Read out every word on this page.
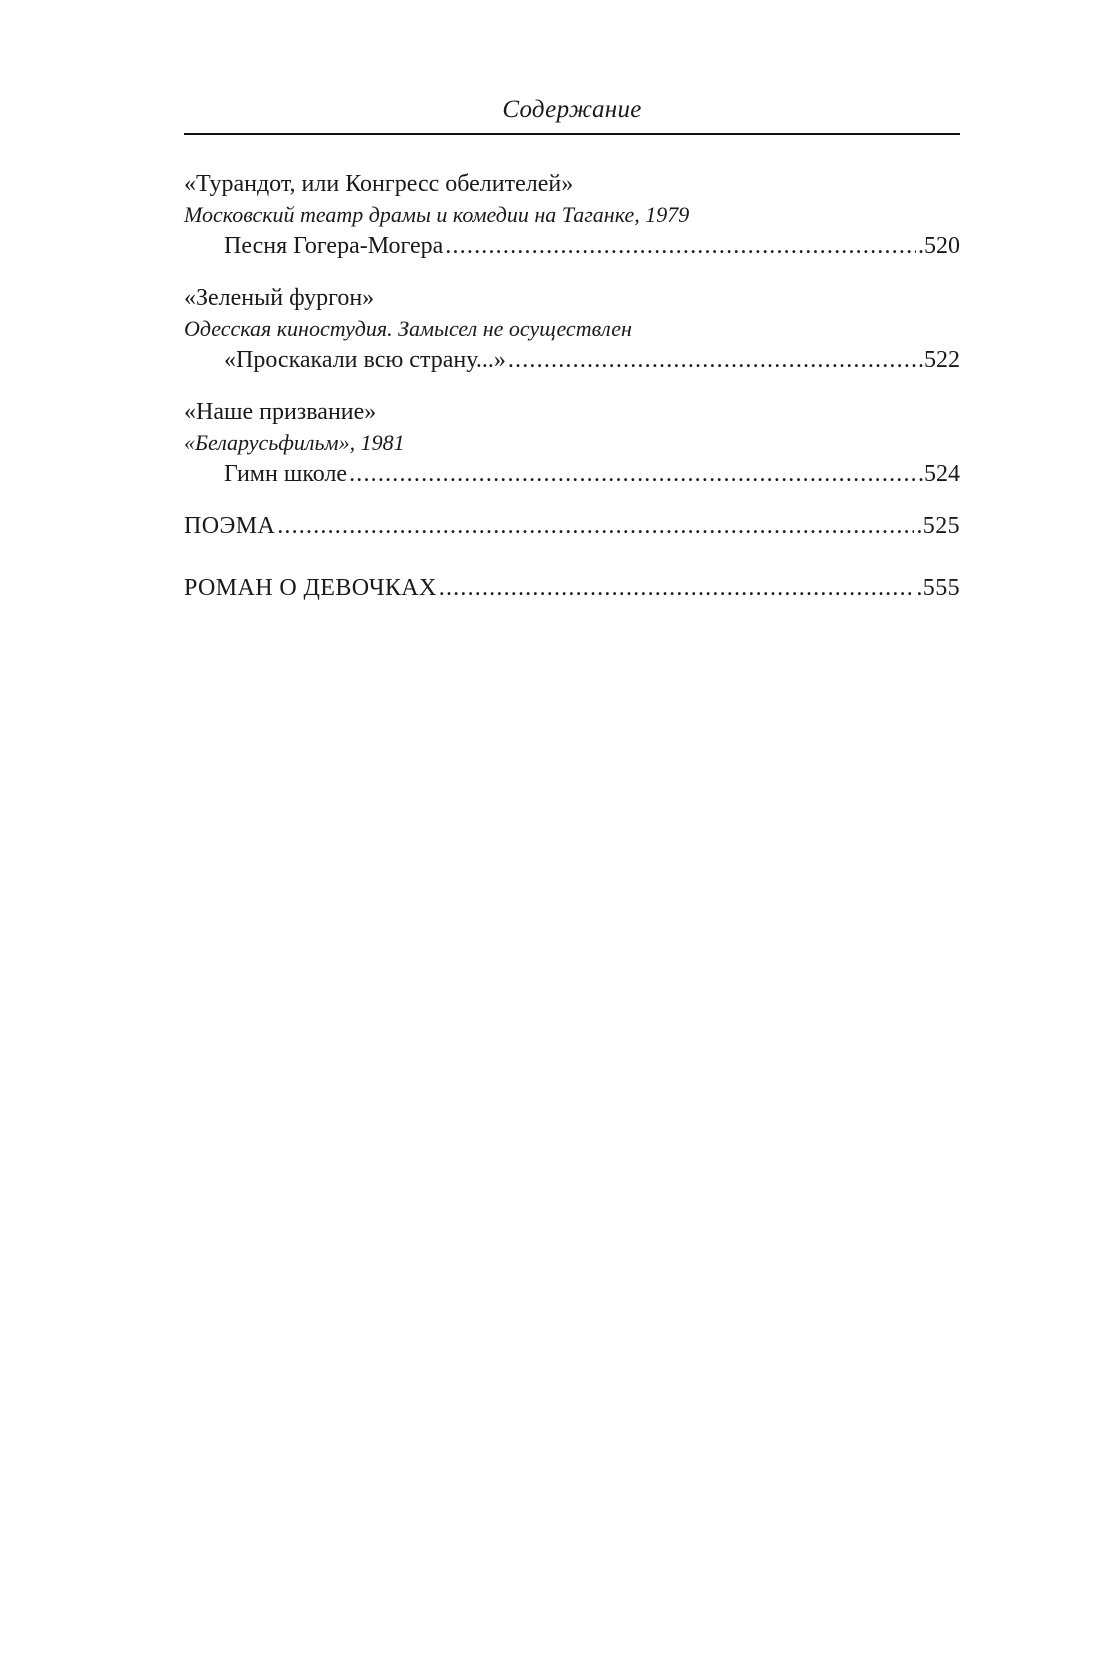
Содержание
«Турандот, или Конгресс обелителей»
Московский театр драмы и комедии на Таганке, 1979
Песня Гогера-Могера . . .	.520
«Зеленый фургон»
Одесская киностудия. Замысел не осуществлен
«Проскакали всю страну...» . . .	.522
«Наше призвание»
«Беларусьфильм», 1981
Гимн школе . . .	.524
ПОЭМА . . .	.525
РОМАН О ДЕВОЧКАХ . . .	.555
